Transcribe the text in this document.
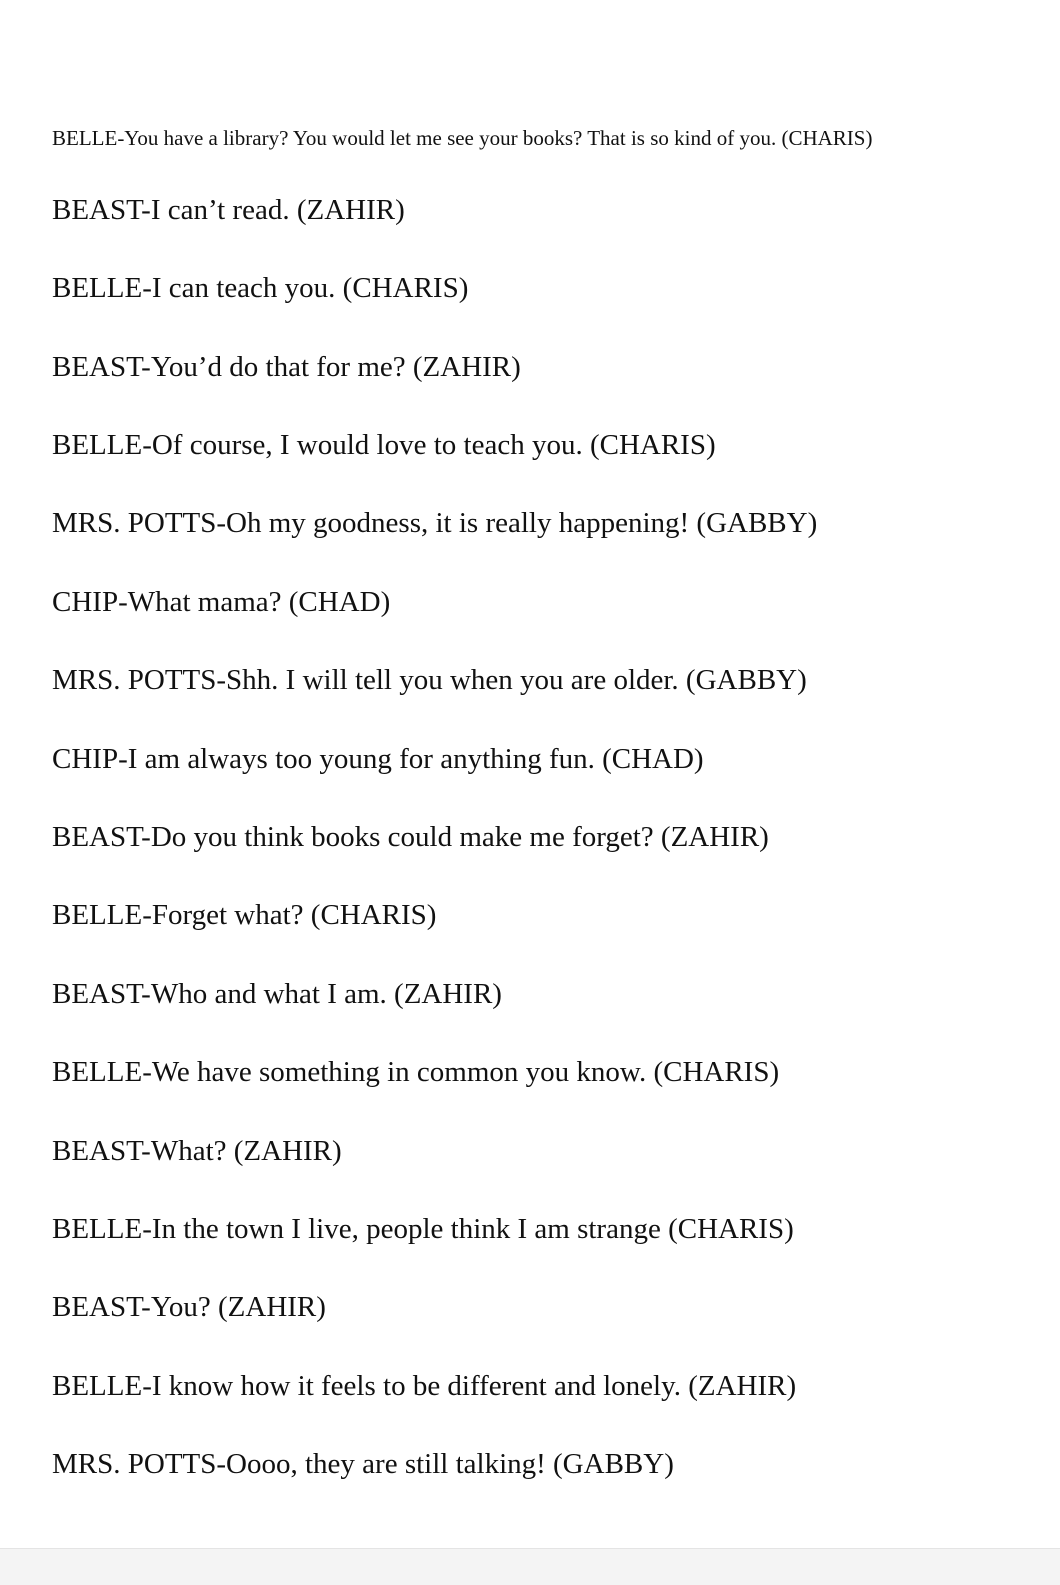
BELLE-You have a library? You would let me see your books? That is so kind of you. (CHARIS)

BEAST-I can’t read. (ZAHIR)

BELLE-I can teach you. (CHARIS)

BEAST-You’d do that for me? (ZAHIR)

BELLE-Of course, I would love to teach you. (CHARIS)

MRS. POTTS-Oh my goodness, it is really happening! (GABBY)

CHIP-What mama? (CHAD)

MRS. POTTS-Shh. I will tell you when you are older. (GABBY)

CHIP-I am always too young for anything fun. (CHAD)

BEAST-Do you think books could make me forget? (ZAHIR)

BELLE-Forget what? (CHARIS)

BEAST-Who and what I am. (ZAHIR)

BELLE-We have something in common you know. (CHARIS)

BEAST-What? (ZAHIR)

BELLE-In the town I live, people think I am strange (CHARIS)

BEAST-You? (ZAHIR)

BELLE-I know how it feels to be different and lonely. (ZAHIR)

MRS. POTTS-Oooo, they are still talking! (GABBY)
